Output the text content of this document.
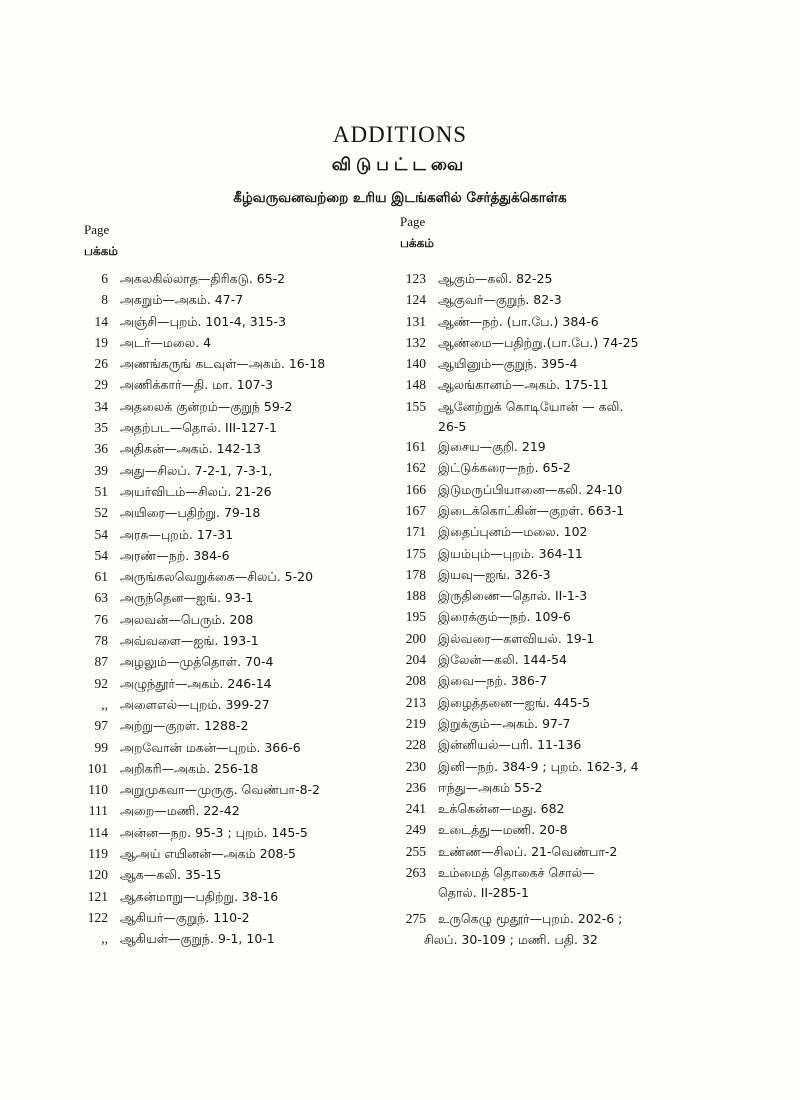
ADDITIONS
விடுபட்டவை
கீழ்வருவனவற்றை உரிய இடங்களில் சேர்த்துக்கொள்க
Page
பக்கம்
Page
பக்கம்
6 அகலகில்லாத—திரிகடு. 65-2
8 அகறும்—அகம். 47-7
14 அஞ்சி—புறம். 101-4, 315-3
19 அடர்—மலை. 4
26 அணங்கருங் கடவுள்—அகம். 16-18
29 அணிக்கார்—தி. மா. 107-3
34 அதலைக் குன்றம்—குறுந் 59-2
35 அதற்பட—தொல். III-127-1
36 அதிகன்—அகம். 142-13
39 அது—சிலப். 7-2-1, 7-3-1,
51 அயர்விடம்—சிலப். 21-26
52 அயிரை—பதிற்று. 79-18
54 அரசு—புறம். 17-31
54 அரண்—நற். 384-6
61 அருங்கலவெறுக்கை—சிலப். 5-20
63 அருந்தென—ஐங். 93-1
76 அலவன்—பெரும். 208
78 அவ்வளை—ஐங். 193-1
87 அழலும்—முத்தொள். 70-4
92 அழுந்தூர்—அகம். 246-14
,, அளைஎல்—புறம். 399-27
97 அற்று—குறள். 1288-2
99 அறவோன் மகன்—புறம். 366-6
101 அறிகரி—அகம். 256-18
110 அறுமுகவா—முருகு. வெண்பா-8-2
111 அறை—மணி. 22-42
114 அன்ன—நற. 95-3 ; புறம். 145-5
119 ஆஅய் எயினன்—அகம் 208-5
120 ஆக—கலி. 35-15
121 ஆகன்மாறு—பதிற்று. 38-16
122 ஆகியர்—குறுந். 110-2
,, ஆகியள்—குறுந். 9-1, 10-1
123 ஆகும்—கலி. 82-25
124 ஆகுவர்—குறுந். 82-3
131 ஆண்—நற். (பா.பே.) 384-6
132 ஆண்மை—பதிற்று.(பா.பே.) 74-25
140 ஆயினும்—குறுந். 395-4
148 ஆலங்கானம்—அகம். 175-11
155 ஆனேற்றுக் கொடியோன் — கலி.
26-5
161 இசைய—குறி. 219
162 இட்டுக்கரை—நற். 65-2
166 இடுமருப்பியானை—கலி. 24-10
167 இடைக்கொட்கின்—குறள். 663-1
171 இதைப்புனம்—மலை. 102
175 இயம்பும்—புறம். 364-11
178 இயவு—ஐங். 326-3
188 இருதிணை—தொல். II-1-3
195 இரைக்கும்—நற். 109-6
200 இல்வரை—களவியல். 19-1
204 இலேன்—கலி. 144-54
208 இவை—நற். 386-7
213 இழைத்தனை—ஐங். 445-5
219 இறுக்கும்—அகம். 97-7
228 இன்னியல்—பரி. 11-136
230 இனி—நற். 384-9 ; புறம். 162-3, 4
236 ஈந்து—அகம் 55-2
241 உக்கென்ன—மது. 682
249 உடைத்து—மணி. 20-8
255 உண்ண—சிலப். 21-வெண்பா-2
263 உம்மைத் தொகைச் சொல்—
தொல். II-285-1
275 உருகெழு மூதூர்—புறம். 202-6 ;
சிலப். 30-109 ; மணி. பதி. 32
